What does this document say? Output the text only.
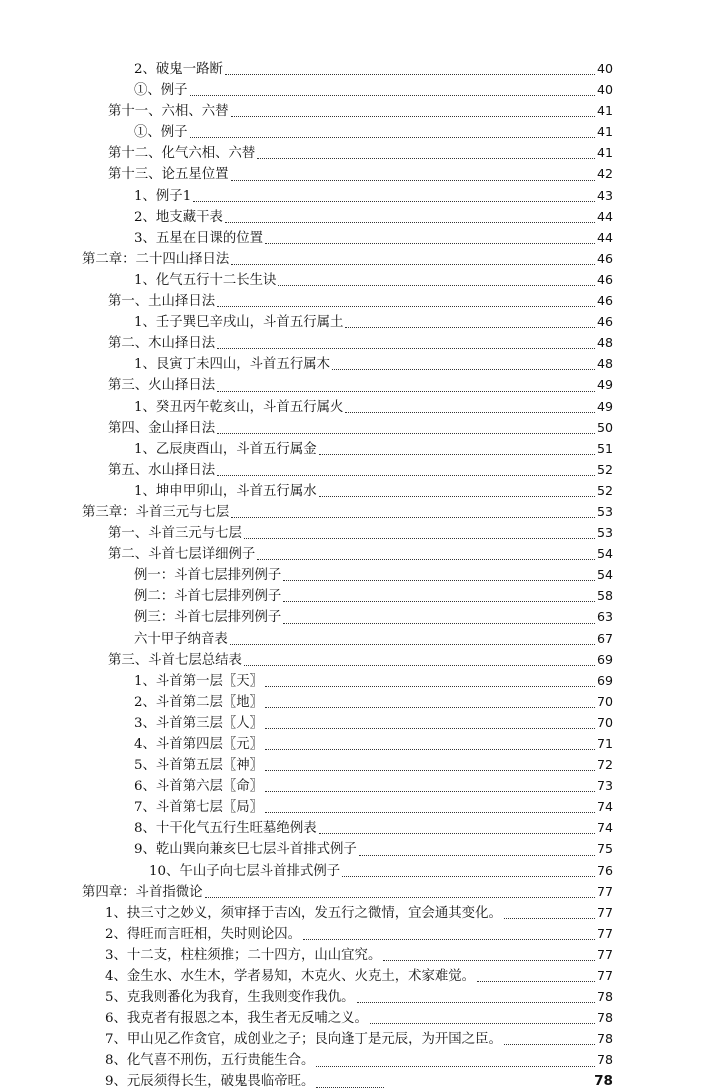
2、破鬼一路断	40
①、例子	40
第十一、六相、六替	41
①、例子	41
第十二、化气六相、六替	41
第十三、论五星位置	42
1、例子1	43
2、地支藏干表	44
3、五星在日课的位置	44
第二章：二十四山择日法	46
1、化气五行十二长生诀	46
第一、土山择日法	46
1、壬子巽巳辛戌山，斗首五行属土	46
第二、木山择日法	48
1、艮寅丁未四山，斗首五行属木	48
第三、火山择日法	49
1、癸丑丙午乾亥山，斗首五行属火	49
第四、金山择日法	50
1、乙辰庚酉山，斗首五行属金	51
第五、水山择日法	52
1、坤申甲卯山，斗首五行属水	52
第三章：斗首三元与七层	53
第一、斗首三元与七层	53
第二、斗首七层详细例子	54
例一：斗首七层排列例子	54
例二：斗首七层排列例子	58
例三：斗首七层排列例子	63
六十甲子纳音表	67
第三、斗首七层总结表	69
1、斗首第一层〖天〗	69
2、斗首第二层〖地〗	70
3、斗首第三层〖人〗	70
4、斗首第四层〖元〗	71
5、斗首第五层〖神〗	72
6、斗首第六层〖命〗	73
7、斗首第七层〖局〗	74
8、十干化气五行生旺墓绝例表	74
9、乾山巽向兼亥巳七层斗首排式例子	75
10、午山子向七层斗首排式例子	76
第四章：斗首指微论	77
1、抉三寸之妙义，须审择于吉凶，发五行之微情，宜会通其变化。	77
2、得旺而言旺相，失时则论囚。	77
3、十二支，柱柱须推；二十四方，山山宜究。	77
4、金生水、水生木，学者易知，木克火、火克土，术家难觉。	77
5、克我则番化为我育，生我则变作我仇。	78
6、我克者有报恩之本，我生者无反哺之义。	78
7、甲山见乙作贪官，成创业之子；艮向逢丁是元辰，为开国之臣。	78
8、化气喜不刑伤，五行贵能生合。	78
9、元辰须得长生，破鬼畏临帝旺。	78
